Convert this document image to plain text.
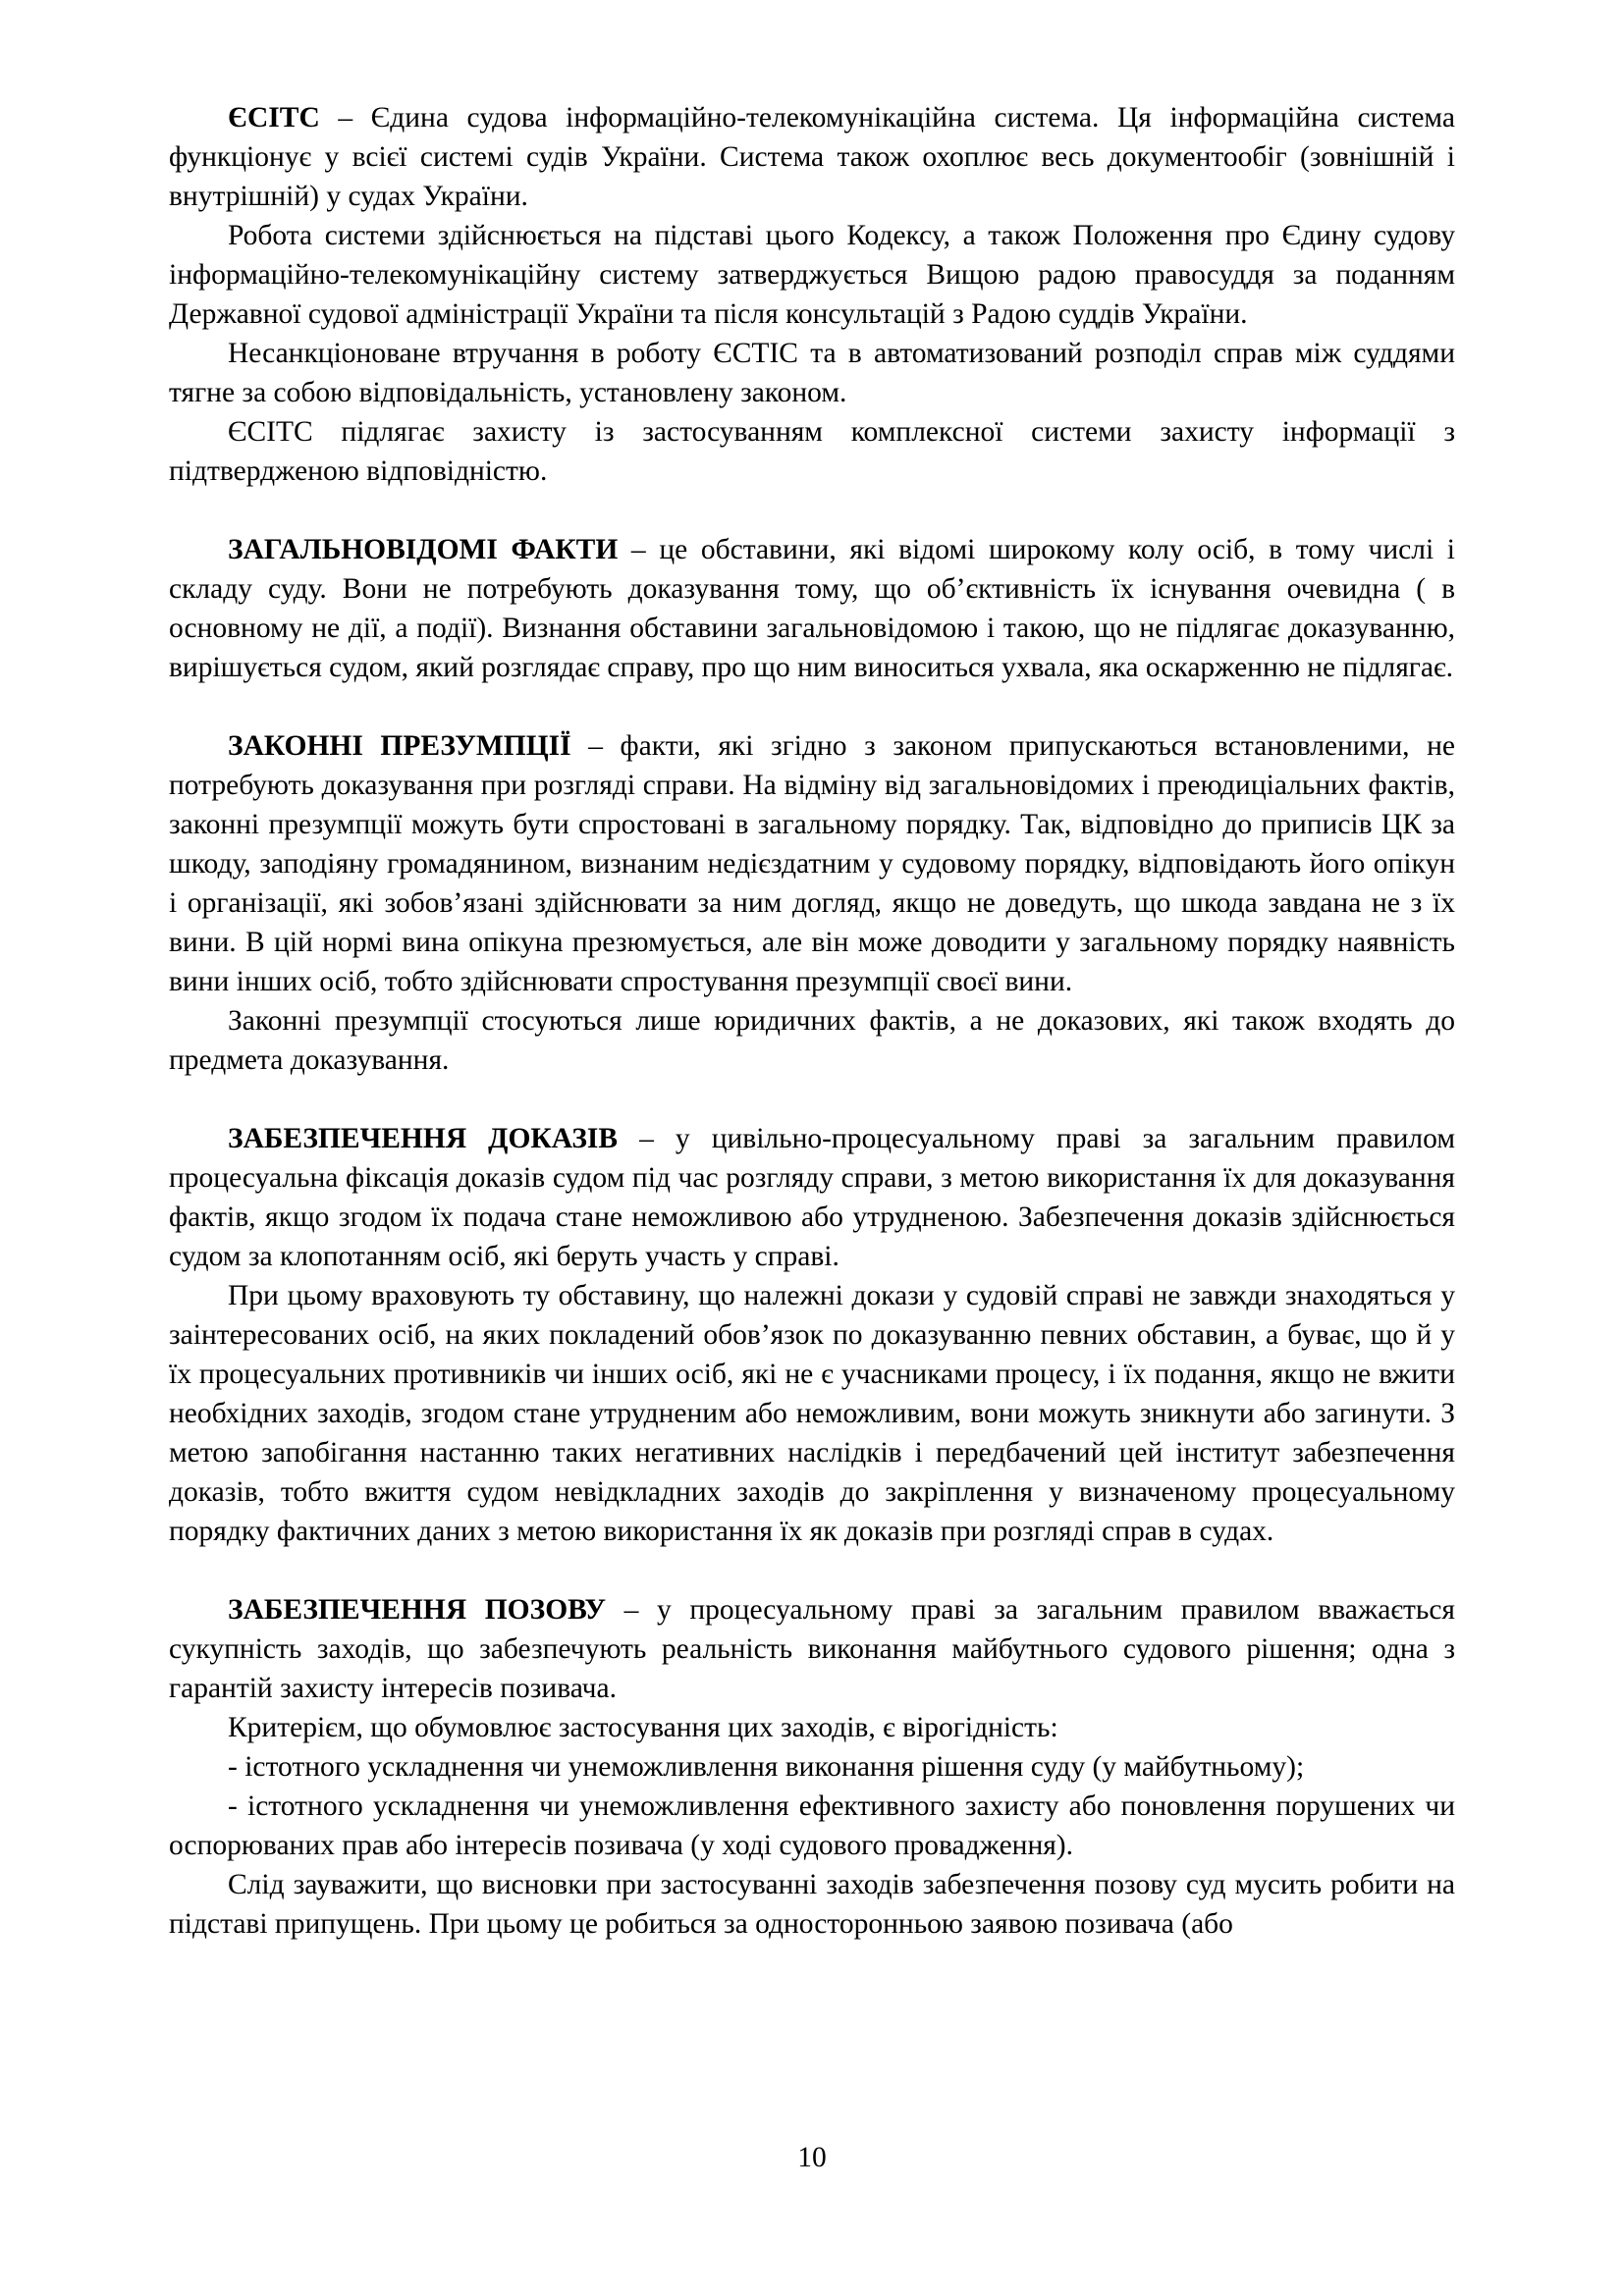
ЄСІТС – Єдина судова інформаційно-телекомунікаційна система. Ця інформаційна система функціонує у всієї системі судів України. Система також охоплює весь документообіг (зовнішній і внутрішній) у судах України.

Робота системи здійснюється на підставі цього Кодексу, а також Положення про Єдину судову інформаційно-телекомунікаційну систему затверджується Вищою радою правосуддя за поданням Державної судової адміністрації України та після консультацій з Радою суддів України.

Несанкціоноване втручання в роботу ЄСТІС та в автоматизований розподіл справ між суддями тягне за собою відповідальність, установлену законом.

ЄСІТС підлягає захисту із застосуванням комплексної системи захисту інформації з підтвердженою відповідністю.

ЗАГАЛЬНОВІДОМІ ФАКТИ – це обставини, які відомі широкому колу осіб, в тому числі і складу суду. Вони не потребують доказування тому, що об’єктивність їх існування очевидна ( в основному не дії, а події). Визнання обставини загальновідомою і такою, що не підлягає доказуванню, вирішується судом, який розглядає справу, про що ним виноситься ухвала, яка оскарженню не підлягає.

ЗАКОННІ ПРЕЗУМПЦІЇ – факти, які згідно з законом припускаються встановленими, не потребують доказування при розгляді справи. На відміну від загальновідомих і преюдиціальних фактів, законні презумпції можуть бути спростовані в загальному порядку. Так, відповідно до приписів ЦК за шкоду, заподіяну громадянином, визнаним недієздатним у судовому порядку, відповідають його опікун і організації, які зобов’язані здійснювати за ним догляд, якщо не доведуть, що шкода завдана не з їх вини. В цій нормі вина опікуна презюмується, але він може доводити у загальному порядку наявність вини інших осіб, тобто здійснювати спростування презумпції своєї вини.

Законні презумпції стосуються лише юридичних фактів, а не доказових, які також входять до предмета доказування.

ЗАБЕЗПЕЧЕННЯ ДОКАЗІВ – у цивільно-процесуальному праві за загальним правилом процесуальна фіксація доказів судом під час розгляду справи, з метою використання їх для доказування фактів, якщо згодом їх подача стане неможливою або утрудненою. Забезпечення доказів здійснюється судом за клопотанням осіб, які беруть участь у справі.

При цьому враховують ту обставину, що належні докази у судовій справі не завжди знаходяться у заінтересованих осіб, на яких покладений обов’язок по доказуванню певних обставин, а буває, що й у їх процесуальних противників чи інших осіб, які не є учасниками процесу, і їх подання, якщо не вжити необхідних заходів, згодом стане утрудненим або неможливим, вони можуть зникнути або загинути. З метою запобігання настанню таких негативних наслідків і передбачений цей інститут забезпечення доказів, тобто вжиття судом невідкладних заходів до закріплення у визначеному процесуальному порядку фактичних даних з метою використання їх як доказів при розгляді справ в судах.

ЗАБЕЗПЕЧЕННЯ ПОЗОВУ – у процесуальному праві за загальним правилом вважається сукупність заходів, що забезпечують реальність виконання майбутнього судового рішення; одна з гарантій захисту інтересів позивача.

Критерієм, що обумовлює застосування цих заходів, є вірогідність:

- істотного ускладнення чи унеможливлення виконання рішення суду (у майбутньому);

- істотного ускладнення чи унеможливлення ефективного захисту або поновлення порушених чи оспорюваних прав або інтересів позивача (у ході судового провадження).

Слід зауважити, що висновки при застосуванні заходів забезпечення позову суд мусить робити на підставі припущень. При цьому це робиться за односторонньою заявою позивача (або

10
